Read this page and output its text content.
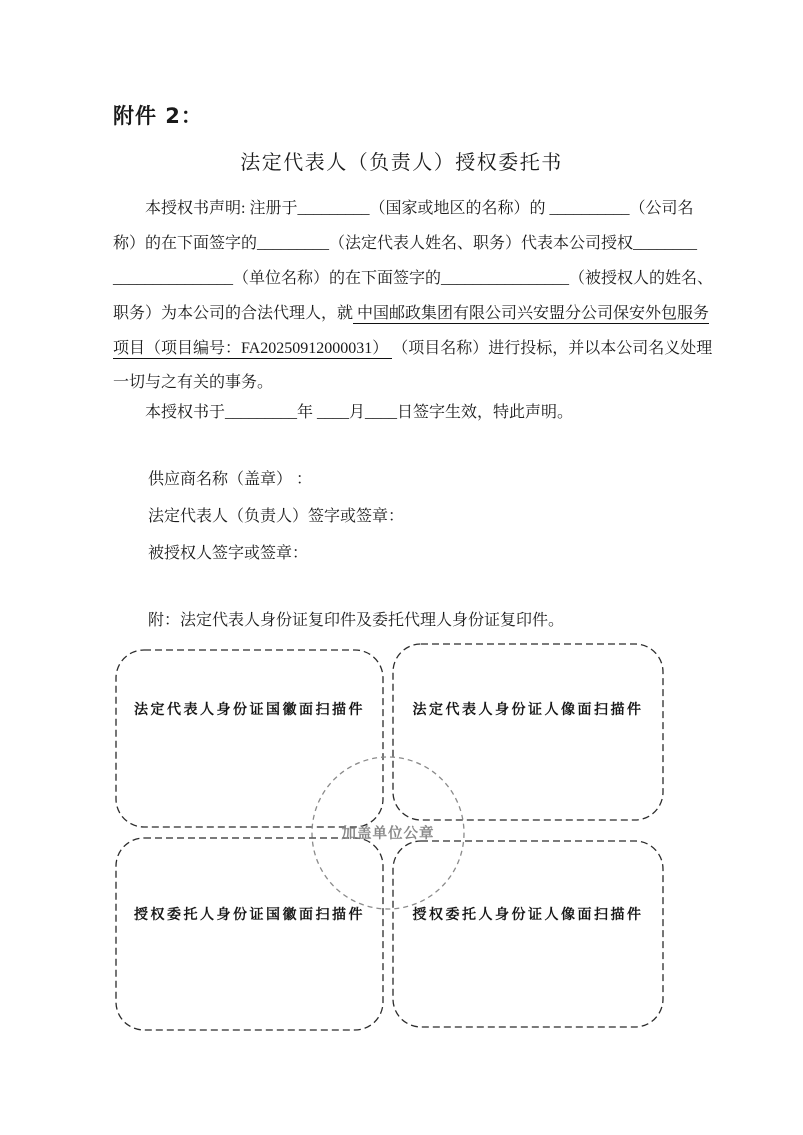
附件 2：
法定代表人（负责人）授权委托书
本授权书声明: 注册于_________（国家或地区的名称）的 __________（公司名
称）的在下面签字的_________（法定代表人姓名、职务）代表本公司授权________
_______________（单位名称）的在下面签字的________________（被授权人的姓名、
职务）为本公司的合法代理人，就 中国邮政集团有限公司兴安盟分公司保安外包服务
项目（项目编号：FA20250912000031） （项目名称）进行投标，并以本公司名义处理
一切与之有关的事务。
本授权书于_________年 ____月____日签字生效，特此声明。
供应商名称（盖章） ：
法定代表人（负责人）签字或签章：
被授权人签字或签章：
附：法定代表人身份证复印件及委托代理人身份证复印件。
法定代表人身份证国徽面扫描件	法定代表人身份证人像面扫描件
授权委托人身份证国徽面扫描件	授权委托人身份证人像面扫描件
加盖单位公章
